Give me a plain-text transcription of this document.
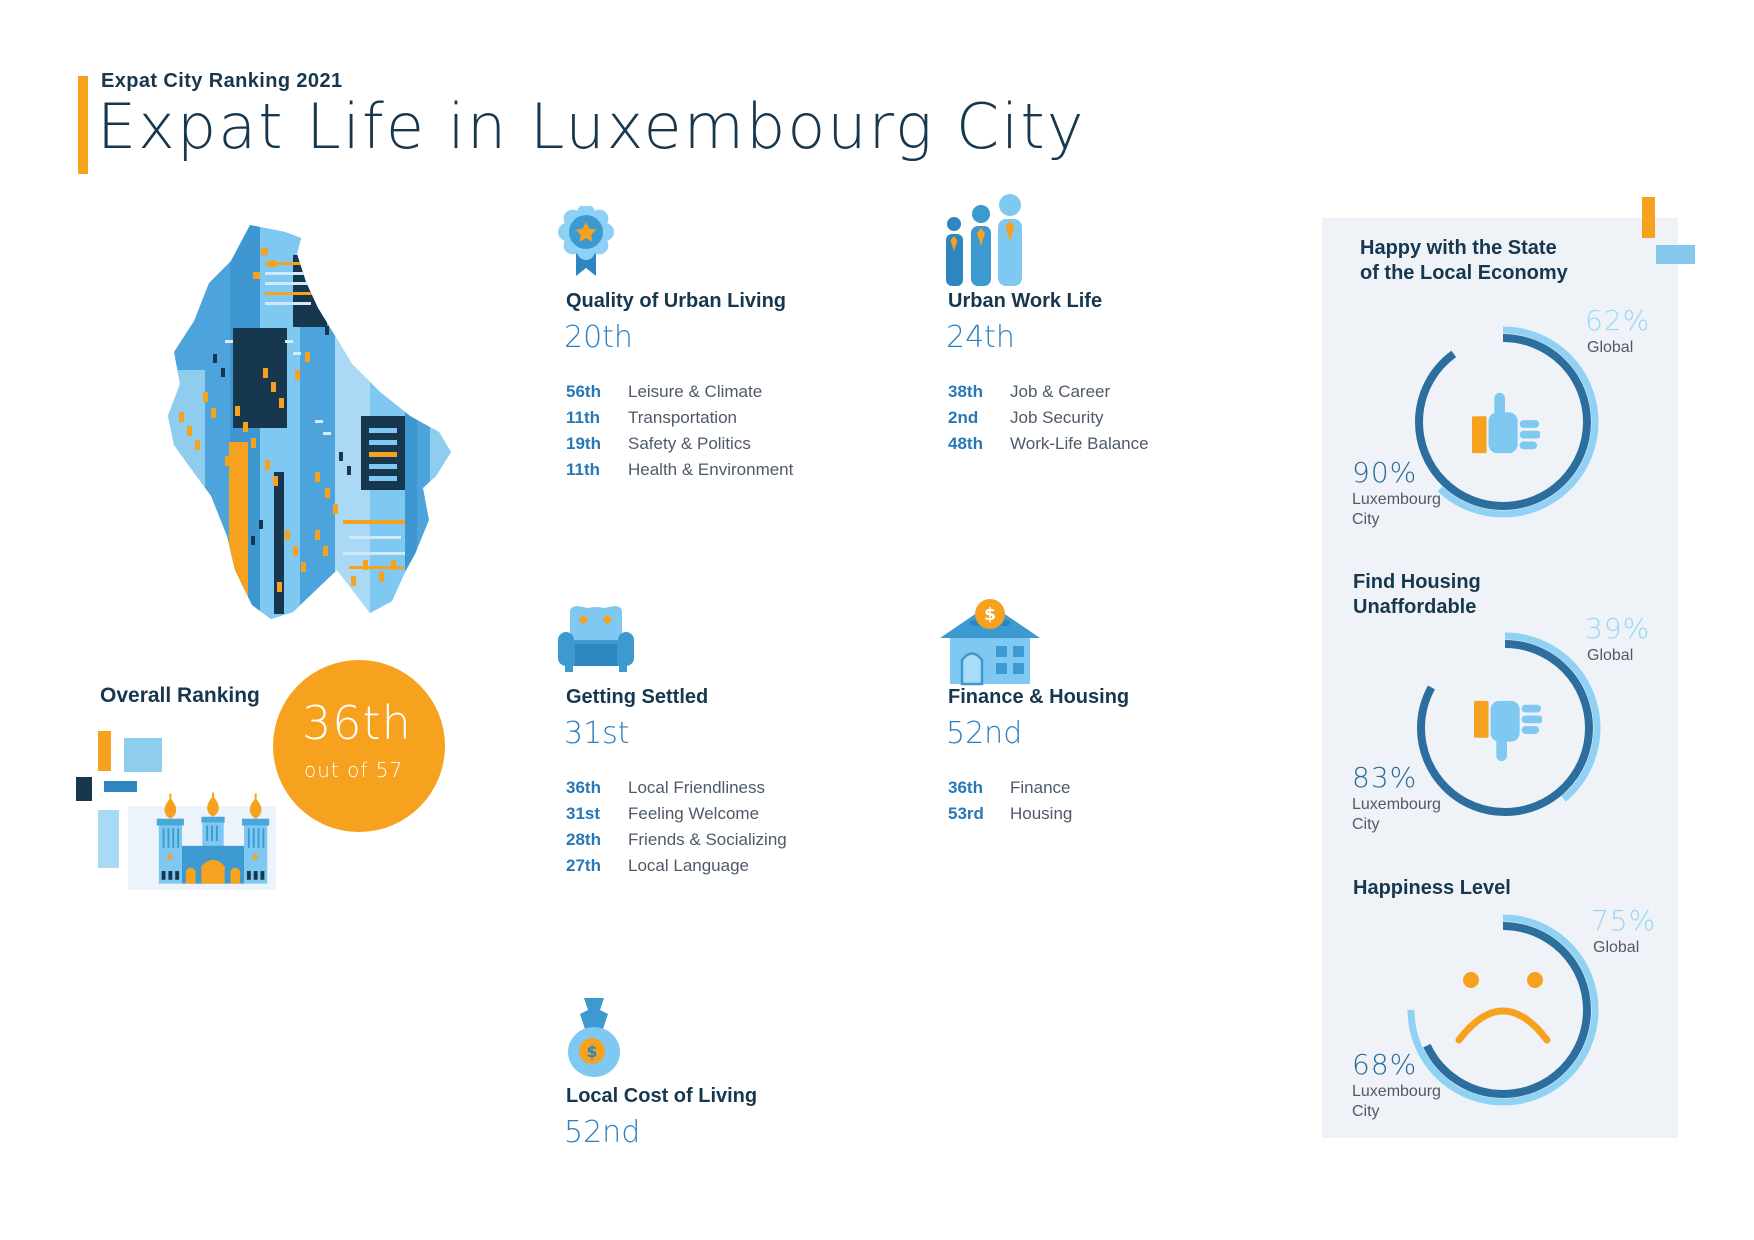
Expat City Ranking 2021
Expat Life in Luxembourg City
Overall Ranking
36th
out of 57
Quality of Urban Living
20th
56th	Leisure & Climate
11th	Transportation
19th	Safety & Politics
11th	Health & Environment
Urban Work Life
24th
38th	Job & Career
2nd	Job Security
48th	Work-Life Balance
Getting Settled
31st
36th	Local Friendliness
31st	Feeling Welcome
28th	Friends & Socializing
27th	Local Language
$
Finance & Housing
52nd
36th	Finance
53rd	Housing
$
Local Cost of Living
52nd
Happy with the State
of the Local Economy
62%
Global
90%
Luxembourg City
Find Housing
Unaffordable
39%
Global
83%
Luxembourg City
Happiness Level
75%
Global
68%
Luxembourg City
